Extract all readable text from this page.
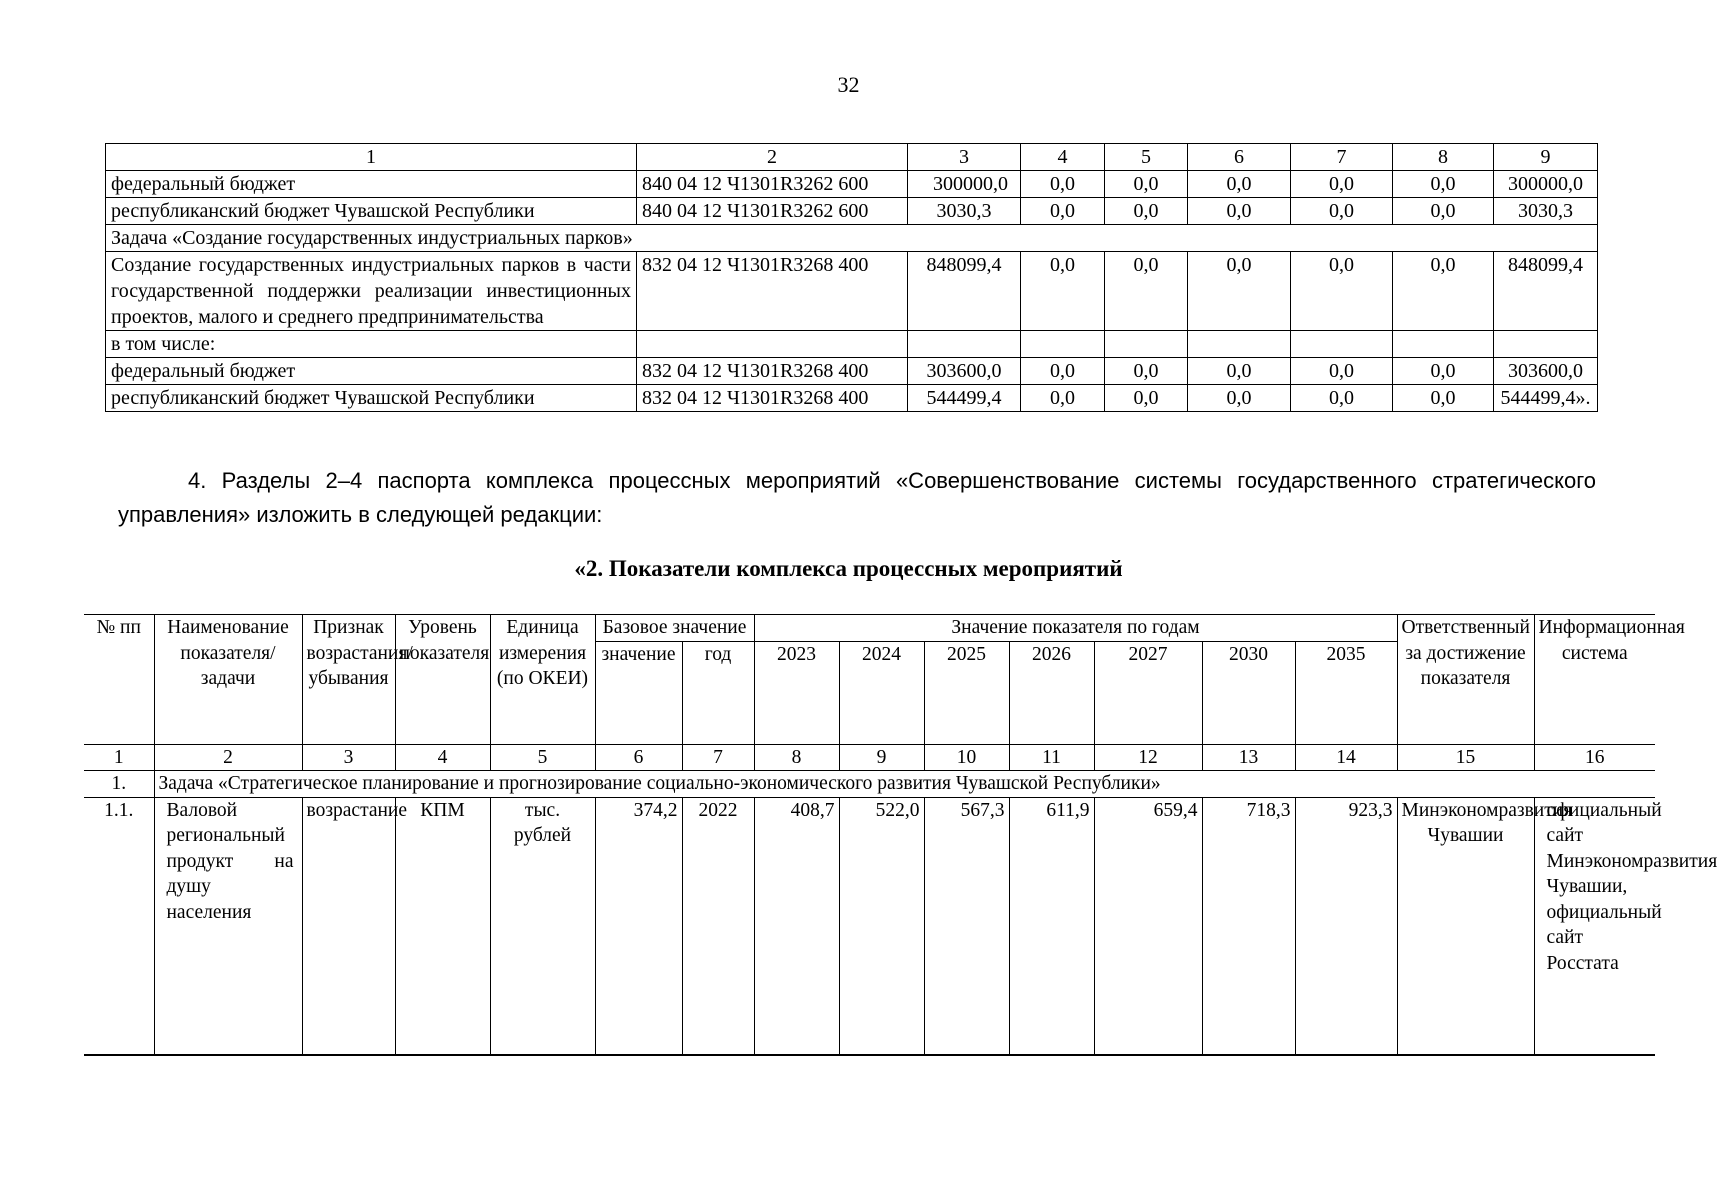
32
1	2	3	4	5	6	7	8	9
федеральный бюджет	840 04 12 Ч1301R3262 600	300000,0	0,0	0,0	0,0	0,0	0,0	300000,0
республиканский бюджет Чувашской Республики	840 04 12 Ч1301R3262 600	3030,3	0,0	0,0	0,0	0,0	0,0	3030,3
Задача «Создание государственных индустриальных парков»								
Создание государственных индустриальных парков в части государственной поддержки реализации инвестиционных проектов, малого и среднего предпринимательства	832 04 12 Ч1301R3268 400	848099,4	0,0	0,0	0,0	0,0	0,0	848099,4
в том числе:								
федеральный бюджет	832 04 12 Ч1301R3268 400	303600,0	0,0	0,0	0,0	0,0	0,0	303600,0
республиканский бюджет Чувашской Республики	832 04 12 Ч1301R3268 400	544499,4	0,0	0,0	0,0	0,0	0,0	544499,4».
4. Разделы 2–4 паспорта комплекса процессных мероприятий «Совершенствование системы государственного стратегического управления» изложить в следующей редакции:
«2. Показатели комплекса процессных мероприятий
№ пп	Наименование показателя/задачи	Признак возрастания/ убывания	Уровень показателя	Единица измерения (по ОКЕИ)	Базовое значение		Значение показателя по годам							Ответственный за достижение показателя	Информационная система
					значение	год	2023	2024	2025	2026	2027	2030	2035		
1	2	3	4	5	6	7	8	9	10	11	12	13	14	15	16
1.	Задача «Стратегическое планирование и прогнозирование социально-экономического развития Чувашской Республики»														
1.1.	Валовой региональный продукт на душу населения	возрастание	КПМ	тыс. рублей	374,2	2022	408,7	522,0	567,3	611,9	659,4	718,3	923,3	Минэкономразвития Чувашии	официальный сайт Минэкономразвития Чувашии, официальный сайт Росстата
